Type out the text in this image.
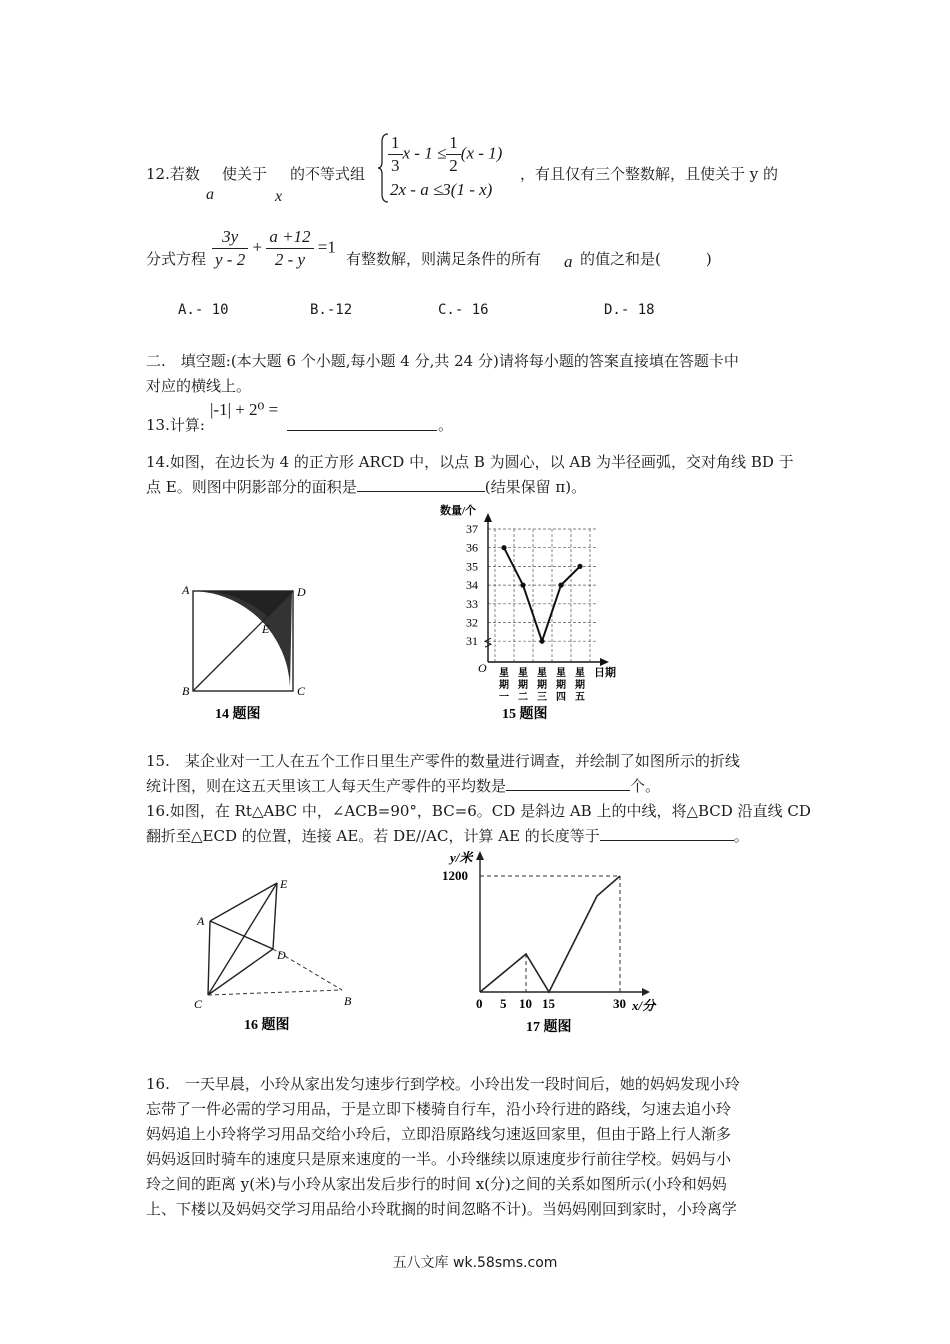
12.若数
a
使关于
x
的不等式组 $\frac{1}{3}$ $x - 1 \le \frac{1}{2} (x - 1)$
2x - a ≤3(1 - x)
，有且仅有三个整数解，且使关于 y 的
分式方程 $\frac{3y}{y - 2} + \frac{a +12}{2 - y} =1$
有整数解，则满足条件的所有 a 的值之和是(　　　)
A.- 10	B.-12	C.- 16	D.- 18
二.　填空题:(本大题 6 个小题,每小题 4 分,共 24 分)请将每小题的答案直接填在答题卡中
对应的横线上。
13.计算:
|-1| + 2⁰ =
。
14.如图，在边长为 4 的正方形 ARCD 中，以点 B 为圆心，以 AB 为半径画弧，交对角线 BD 于
点 E。则图中阴影部分的面积是	(结果保留 π)。
A	D
E
B	C
14 题图
数量/个
31
32
33
34
35
36
37
星
期
一
星
期
二
星
期
三
星
期
四
星
期
五
O	日期
15 题图
15.　某企业对一工人在五个工作日里生产零件的数量进行调查，并绘制了如图所示的折线
统计图，则在这五天里该工人每天生产零件的平均数是	个。
16.如图，在 Rt△ABC 中，∠ACB=90°，BC=6。CD 是斜边 AB 上的中线，将△BCD 沿直线 CD
翻折至△ECD 的位置，连接 AE。若 DE//AC，计算 AE 的长度等于	。
E
A
D
C	B
16 题图
y/米
1200
0 5 10 15	30 x/分
17 题图
16.　一天早晨，小玲从家出发匀速步行到学校。小玲出发一段时间后，她的妈妈发现小玲
忘带了一件必需的学习用品，于是立即下楼骑自行车，沿小玲行进的路线，匀速去追小玲
妈妈追上小玲将学习用品交给小玲后，立即沿原路线匀速返回家里，但由于路上行人渐多
妈妈返回时骑车的速度只是原来速度的一半。小玲继续以原速度步行前往学校。妈妈与小
玲之间的距离 y(米)与小玲从家出发后步行的时间 x(分)之间的关系如图所示(小玲和妈妈
上、下楼以及妈妈交学习用品给小玲耽搁的时间忽略不计)。当妈妈刚回到家时，小玲离学
五八文库 wk.58sms.com
